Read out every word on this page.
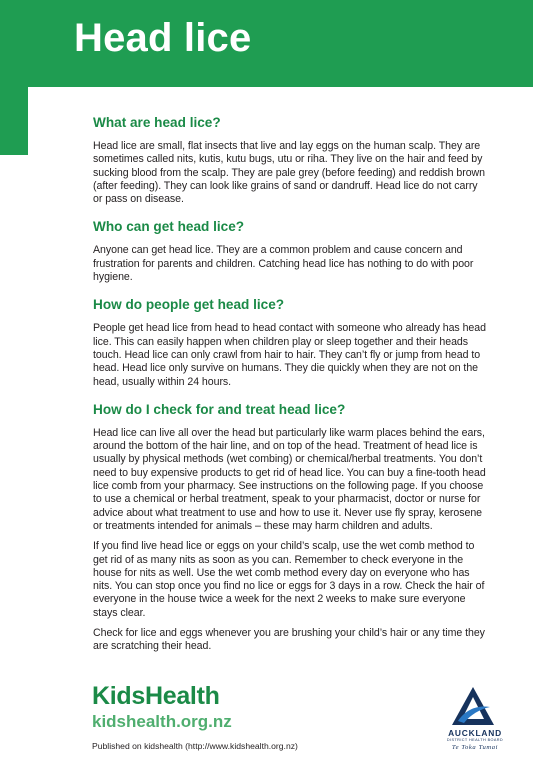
Head lice
What are head lice?

Head lice are small, flat insects that live and lay eggs on the human scalp. They are sometimes called nits, kutis, kutu bugs, utu or riha. They live on the hair and feed by sucking blood from the scalp. They are pale grey (before feeding) and reddish brown (after feeding). They can look like grains of sand or dandruff. Head lice do not carry or pass on disease.

Who can get head lice?

Anyone can get head lice. They are a common problem and cause concern and frustration for parents and children. Catching head lice has nothing to do with poor hygiene.

How do people get head lice?

People get head lice from head to head contact with someone who already has head lice. This can easily happen when children play or sleep together and their heads touch. Head lice can only crawl from hair to hair. They can’t fly or jump from head to head. Head lice only survive on humans. They die quickly when they are not on the head, usually within 24 hours.

How do I check for and treat head lice?

Head lice can live all over the head but particularly like warm places behind the ears, around the bottom of the hair line, and on top of the head. Treatment of head lice is usually by physical methods (wet combing) or chemical/herbal treatments. You don’t need to buy expensive products to get rid of head lice. You can buy a fine-tooth head lice comb from your pharmacy. See instructions on the following page. If you choose to use a chemical or herbal treatment, speak to your pharmacist, doctor or nurse for advice about what treatment to use and how to use it. Never use fly spray, kerosene or treatments intended for animals – these may harm children and adults.

If you find live head lice or eggs on your child’s scalp, use the wet comb method to get rid of as many nits as soon as you can. Remember to check everyone in the house for nits as well. Use the wet comb method every day on everyone who has nits. You can stop once you find no lice or eggs for 3 days in a row. Check the hair of everyone in the house twice a week for the next 2 weeks to make sure everyone stays clear.

Check for lice and eggs whenever you are brushing your child’s hair or any time they are scratching their head.

KidsHealth
kidshealth.org.nz
Published on kidshealth (http://www.kidshealth.org.nz)
AUCKLAND
DISTRICT HEALTH BOARD
Te Toka Tumai
